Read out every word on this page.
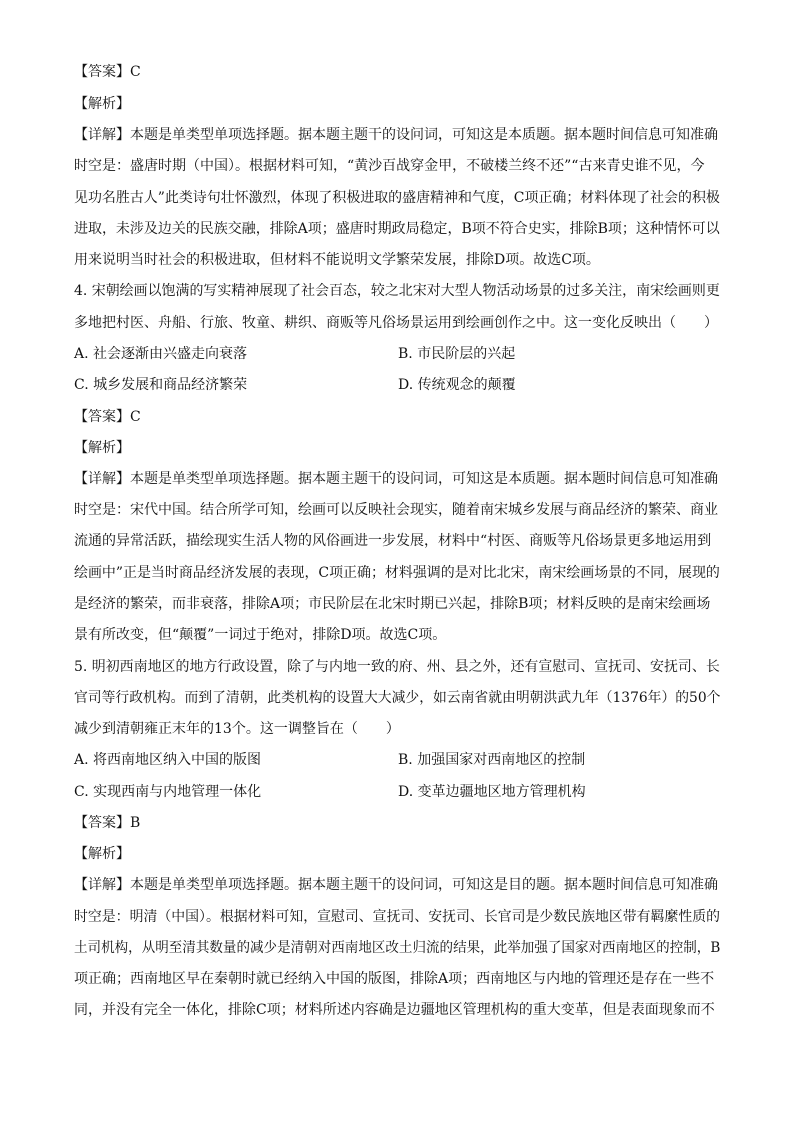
【答案】C
【解析】
【详解】本题是单类型单项选择题。据本题主题干的设问词，可知这是本质题。据本题时间信息可知准确
时空是：盛唐时期（中国）。根据材料可知，“黄沙百战穿金甲，不破楼兰终不还”“古来青史谁不见，今
见功名胜古人”此类诗句壮怀激烈，体现了积极进取的盛唐精神和气度，C项正确；材料体现了社会的积极
进取，未涉及边关的民族交融，排除A项；盛唐时期政局稳定，B项不符合史实，排除B项；这种情怀可以
用来说明当时社会的积极进取，但材料不能说明文学繁荣发展，排除D项。故选C项。
4. 宋朝绘画以饱满的写实精神展现了社会百态，较之北宋对大型人物活动场景的过多关注，南宋绘画则更
多地把村医、舟船、行旅、牧童、耕织、商贩等凡俗场景运用到绘画创作之中。这一变化反映出（　　）
A. 社会逐渐由兴盛走向衰落	B. 市民阶层的兴起
C. 城乡发展和商品经济繁荣	D. 传统观念的颠覆
【答案】C
【解析】
【详解】本题是单类型单项选择题。据本题主题干的设问词，可知这是本质题。据本题时间信息可知准确
时空是：宋代中国。结合所学可知，绘画可以反映社会现实，随着南宋城乡发展与商品经济的繁荣、商业
流通的异常活跃，描绘现实生活人物的风俗画进一步发展，材料中“村医、商贩等凡俗场景更多地运用到
绘画中”正是当时商品经济发展的表现，C项正确；材料强调的是对比北宋，南宋绘画场景的不同，展现的
是经济的繁荣，而非衰落，排除A项；市民阶层在北宋时期已兴起，排除B项；材料反映的是南宋绘画场
景有所改变，但“颠覆”一词过于绝对，排除D项。故选C项。
5. 明初西南地区的地方行政设置，除了与内地一致的府、州、县之外，还有宣慰司、宣抚司、安抚司、长
官司等行政机构。而到了清朝，此类机构的设置大大减少，如云南省就由明朝洪武九年（1376年）的50个
减少到清朝雍正末年的13个。这一调整旨在（　　）
A. 将西南地区纳入中国的版图	B. 加强国家对西南地区的控制
C. 实现西南与内地管理一体化	D. 变革边疆地区地方管理机构
【答案】B
【解析】
【详解】本题是单类型单项选择题。据本题主题干的设问词，可知这是目的题。据本题时间信息可知准确
时空是：明清（中国）。根据材料可知，宣慰司、宣抚司、安抚司、长官司是少数民族地区带有羁縻性质的
土司机构，从明至清其数量的减少是清朝对西南地区改土归流的结果，此举加强了国家对西南地区的控制，B
项正确；西南地区早在秦朝时就已经纳入中国的版图，排除A项；西南地区与内地的管理还是存在一些不
同，并没有完全一体化，排除C项；材料所述内容确是边疆地区管理机构的重大变革，但是表面现象而不
